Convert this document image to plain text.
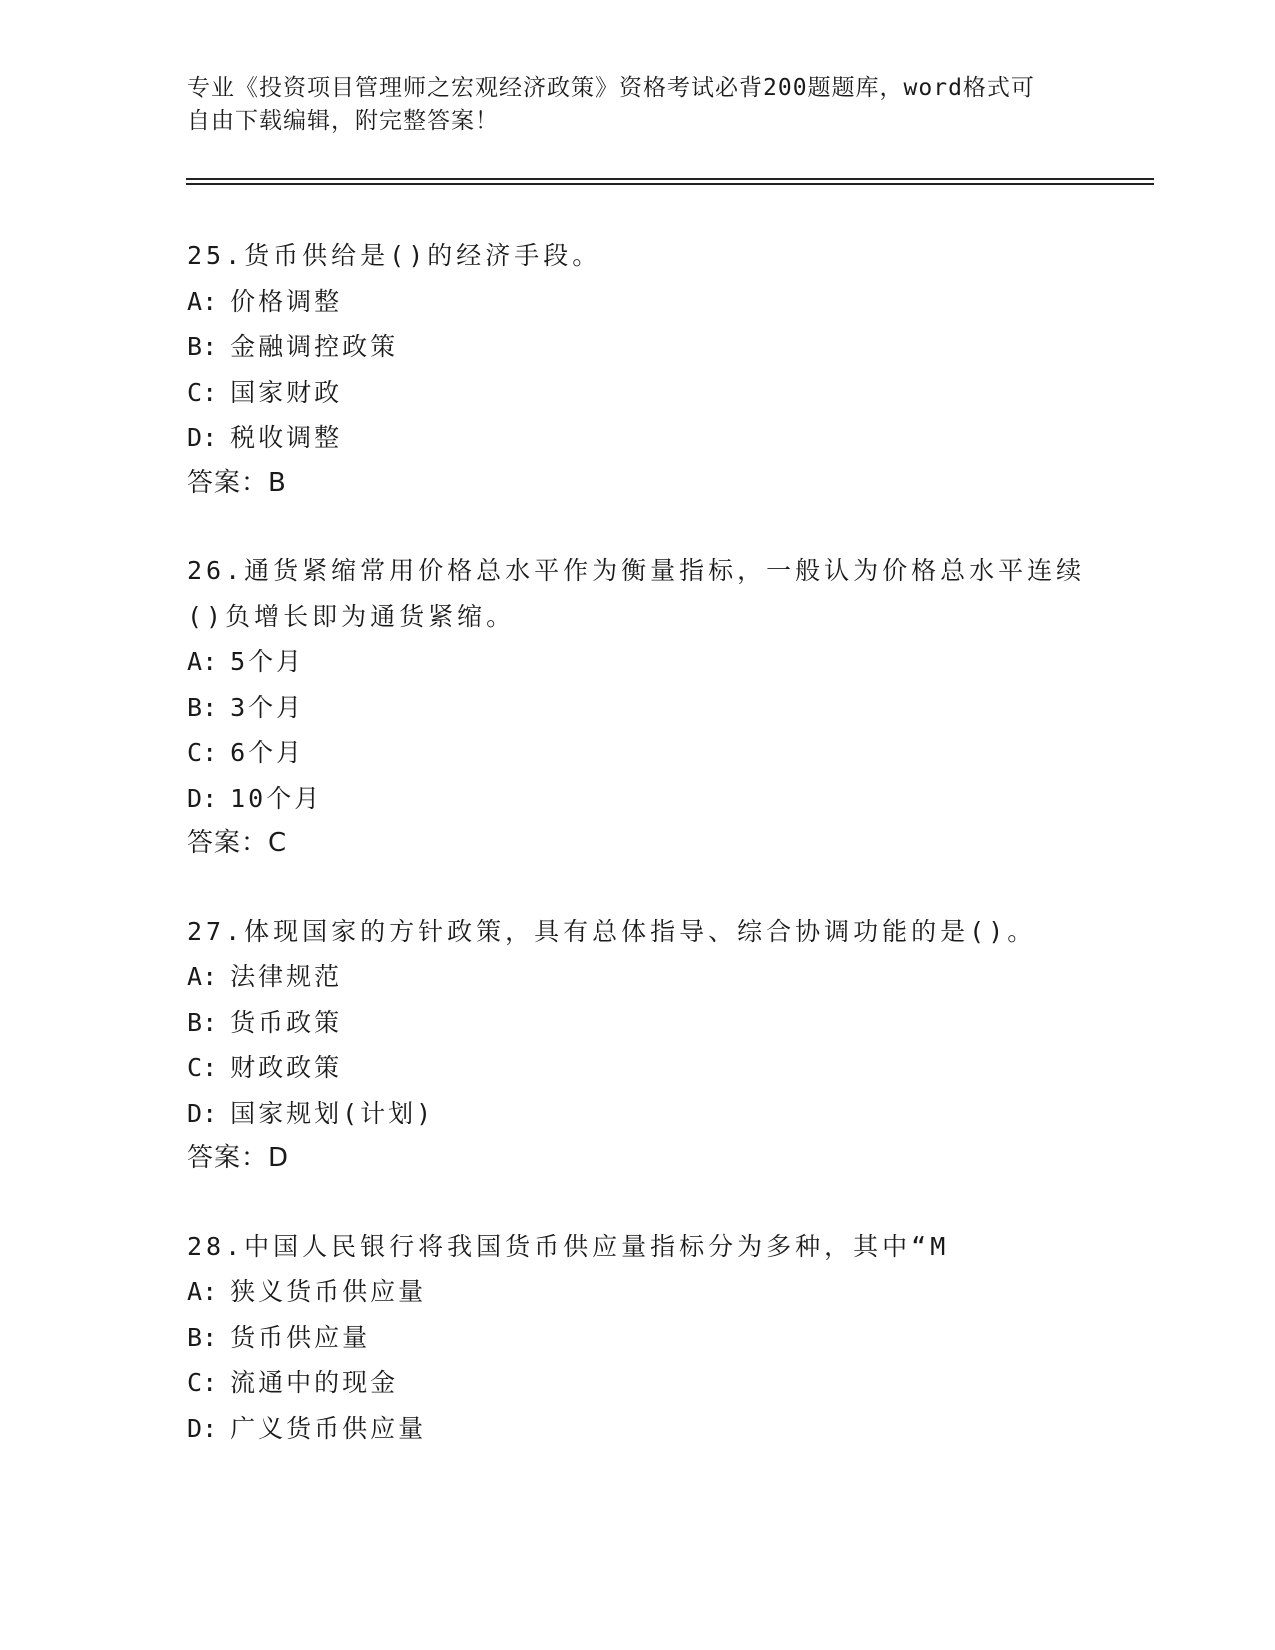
专业《投资项目管理师之宏观经济政策》资格考试必背200题题库，word格式可
自由下载编辑，附完整答案！
25.货币供给是()的经济手段。
A: 价格调整
B: 金融调控政策
C: 国家财政
D: 税收调整
答案：B
26.通货紧缩常用价格总水平作为衡量指标，一般认为价格总水平连续
()负增长即为通货紧缩。
A: 5个月
B: 3个月
C: 6个月
D: 10个月
答案：C
27.体现国家的方针政策，具有总体指导、综合协调功能的是()。
A: 法律规范
B: 货币政策
C: 财政政策
D: 国家规划(计划)
答案：D
28.中国人民银行将我国货币供应量指标分为多种，其中“M
A: 狭义货币供应量
B: 货币供应量
C: 流通中的现金
D: 广义货币供应量
